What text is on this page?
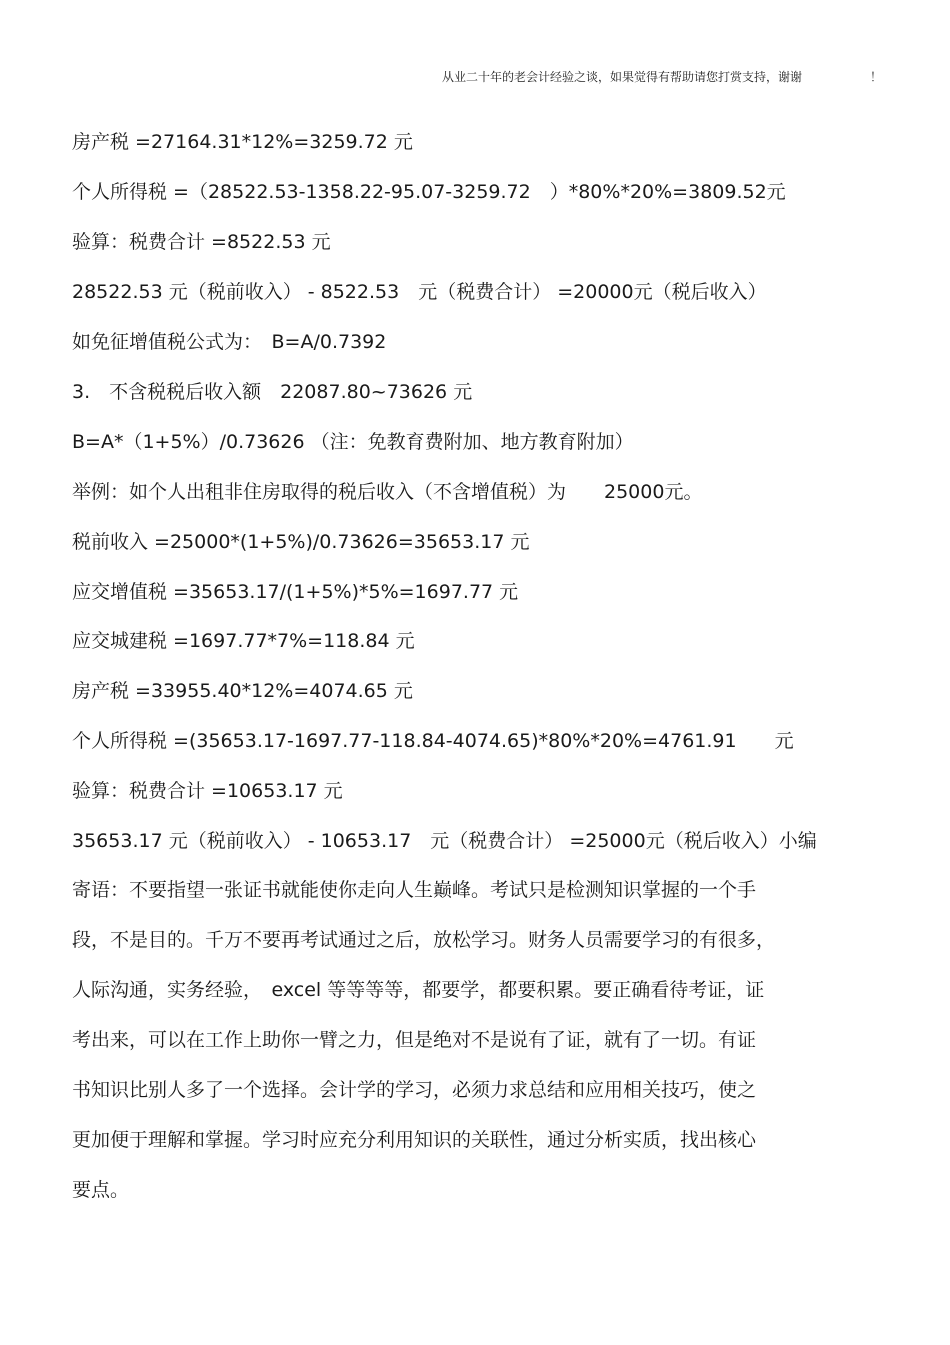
从业二十年的老会计经验之谈，如果觉得有帮助请您打赏支持，谢谢	！
房产税 =27164.31*12%=3259.72 元
个人所得税 =（28522.53-1358.22-95.07-3259.72　）*80%*20%=3809.52元
验算：税费合计 =8522.53 元
28522.53 元（税前收入） - 8522.53　元（税费合计） =20000元（税后收入）
如免征增值税公式为：　B=A/0.7392
3.　不含税税后收入额　22087.80~73626 元
B=A*（1+5%）/0.73626 （注：免教育费附加、地方教育附加）
举例：如个人出租非住房取得的税后收入（不含增值税）为　　25000元。
税前收入 =25000*(1+5%)/0.73626=35653.17 元
应交增值税 =35653.17/(1+5%)*5%=1697.77 元
应交城建税 =1697.77*7%=118.84 元
房产税 =33955.40*12%=4074.65 元
个人所得税 =(35653.17-1697.77-118.84-4074.65)*80%*20%=4761.91　　元
验算：税费合计 =10653.17 元
35653.17 元（税前收入） - 10653.17　元（税费合计） =25000元（税后收入）小编
寄语：不要指望一张证书就能使你走向人生巅峰。考试只是检测知识掌握的一个手
段，不是目的。千万不要再考试通过之后，放松学习。财务人员需要学习的有很多，
人际沟通，实务经验，　excel 等等等等，都要学，都要积累。要正确看待考证，证
考出来，可以在工作上助你一臂之力，但是绝对不是说有了证，就有了一切。有证
书知识比别人多了一个选择。会计学的学习，必须力求总结和应用相关技巧，使之
更加便于理解和掌握。学习时应充分利用知识的关联性，通过分析实质，找出核心
要点。
